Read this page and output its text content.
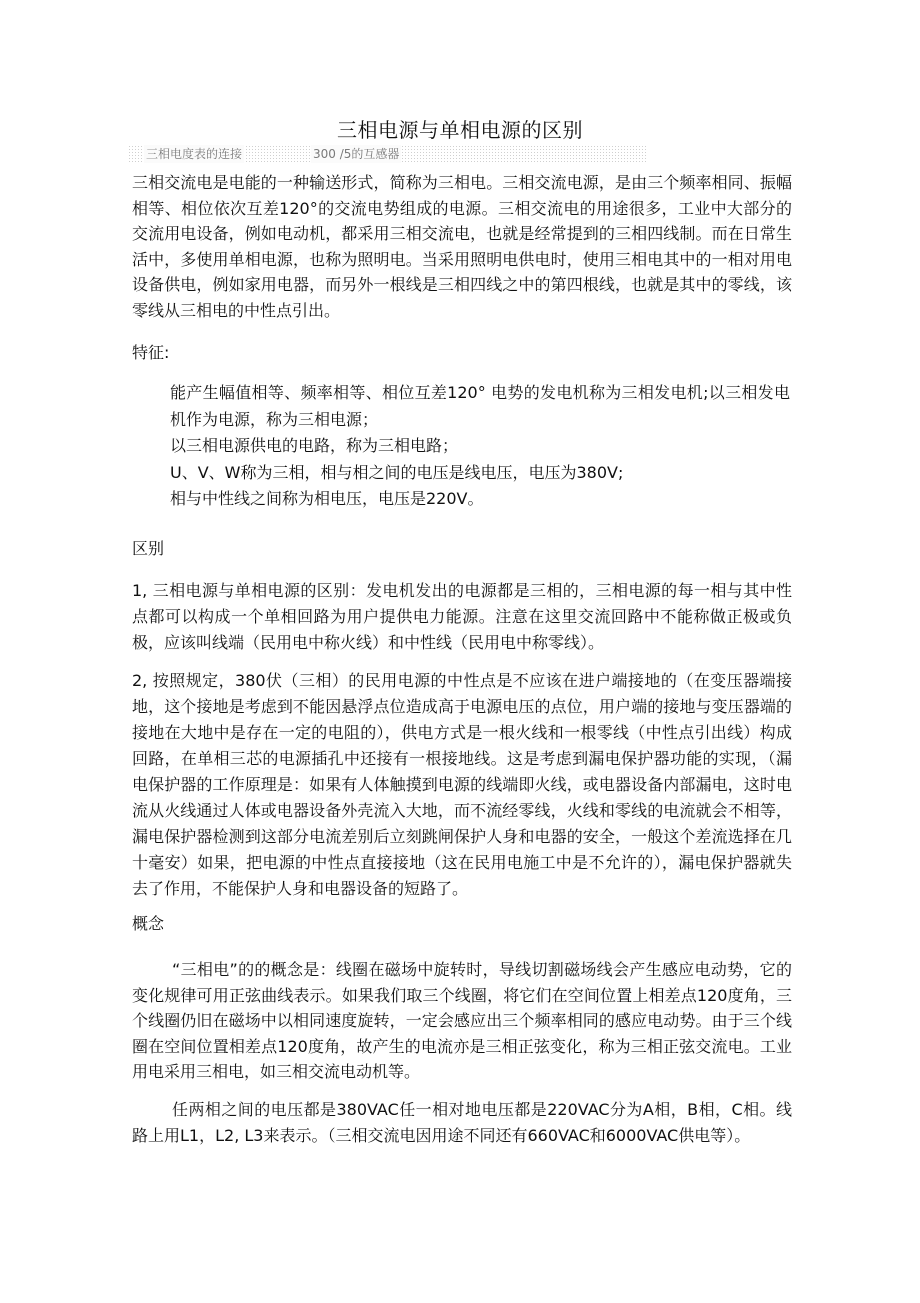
三相电源与单相电源的区别
三相电度表的连接	300 /5的互感器
三相交流电是电能的一种输送形式，简称为三相电。三相交流电源，是由三个频率相同、振幅相等、相位依次互差120°的交流电势组成的电源。三相交流电的用途很多，工业中大部分的交流用电设备，例如电动机，都采用三相交流电，也就是经常提到的三相四线制。而在日常生活中，多使用单相电源，也称为照明电。当采用照明电供电时，使用三相电其中的一相对用电设备供电，例如家用电器，而另外一根线是三相四线之中的第四根线，也就是其中的零线，该零线从三相电的中性点引出。
特征:
能产生幅值相等、频率相等、相位互差120° 电势的发电机称为三相发电机;以三相发电机作为电源，称为三相电源；
以三相电源供电的电路，称为三相电路；
U、V、W称为三相，相与相之间的电压是线电压，电压为380V;
相与中性线之间称为相电压，电压是220V。
区别
1, 三相电源与单相电源的区别：发电机发出的电源都是三相的，三相电源的每一相与其中性点都可以构成一个单相回路为用户提供电力能源。注意在这里交流回路中不能称做正极或负极，应该叫线端（民用电中称火线）和中性线（民用电中称零线）。
2, 按照规定，380伏（三相）的民用电源的中性点是不应该在进户端接地的（在变压器端接地，这个接地是考虑到不能因悬浮点位造成高于电源电压的点位，用户端的接地与变压器端的接地在大地中是存在一定的电阻的），供电方式是一根火线和一根零线（中性点引出线）构成回路，在单相三芯的电源插孔中还接有一根接地线。这是考虑到漏电保护器功能的实现，（漏电保护器的工作原理是：如果有人体触摸到电源的线端即火线，或电器设备内部漏电，这时电流从火线通过人体或电器设备外壳流入大地，而不流经零线，火线和零线的电流就会不相等，漏电保护器检测到这部分电流差别后立刻跳闸保护人身和电器的安全，一般这个差流选择在几十毫安）如果，把电源的中性点直接接地（这在民用电施工中是不允许的），漏电保护器就失去了作用，不能保护人身和电器设备的短路了。
概念
“三相电”的的概念是：线圈在磁场中旋转时，导线切割磁场线会产生感应电动势，它的变化规律可用正弦曲线表示。如果我们取三个线圈，将它们在空间位置上相差点120度角，三个线圈仍旧在磁场中以相同速度旋转，一定会感应出三个频率相同的感应电动势。由于三个线圈在空间位置相差点120度角，故产生的电流亦是三相正弦变化，称为三相正弦交流电。工业用电采用三相电，如三相交流电动机等。
任两相之间的电压都是380VAC任一相对地电压都是220VAC分为A相，B相，C相。线路上用L1，L2, L3来表示。（三相交流电因用途不同还有660VAC和6000VAC供电等）。
